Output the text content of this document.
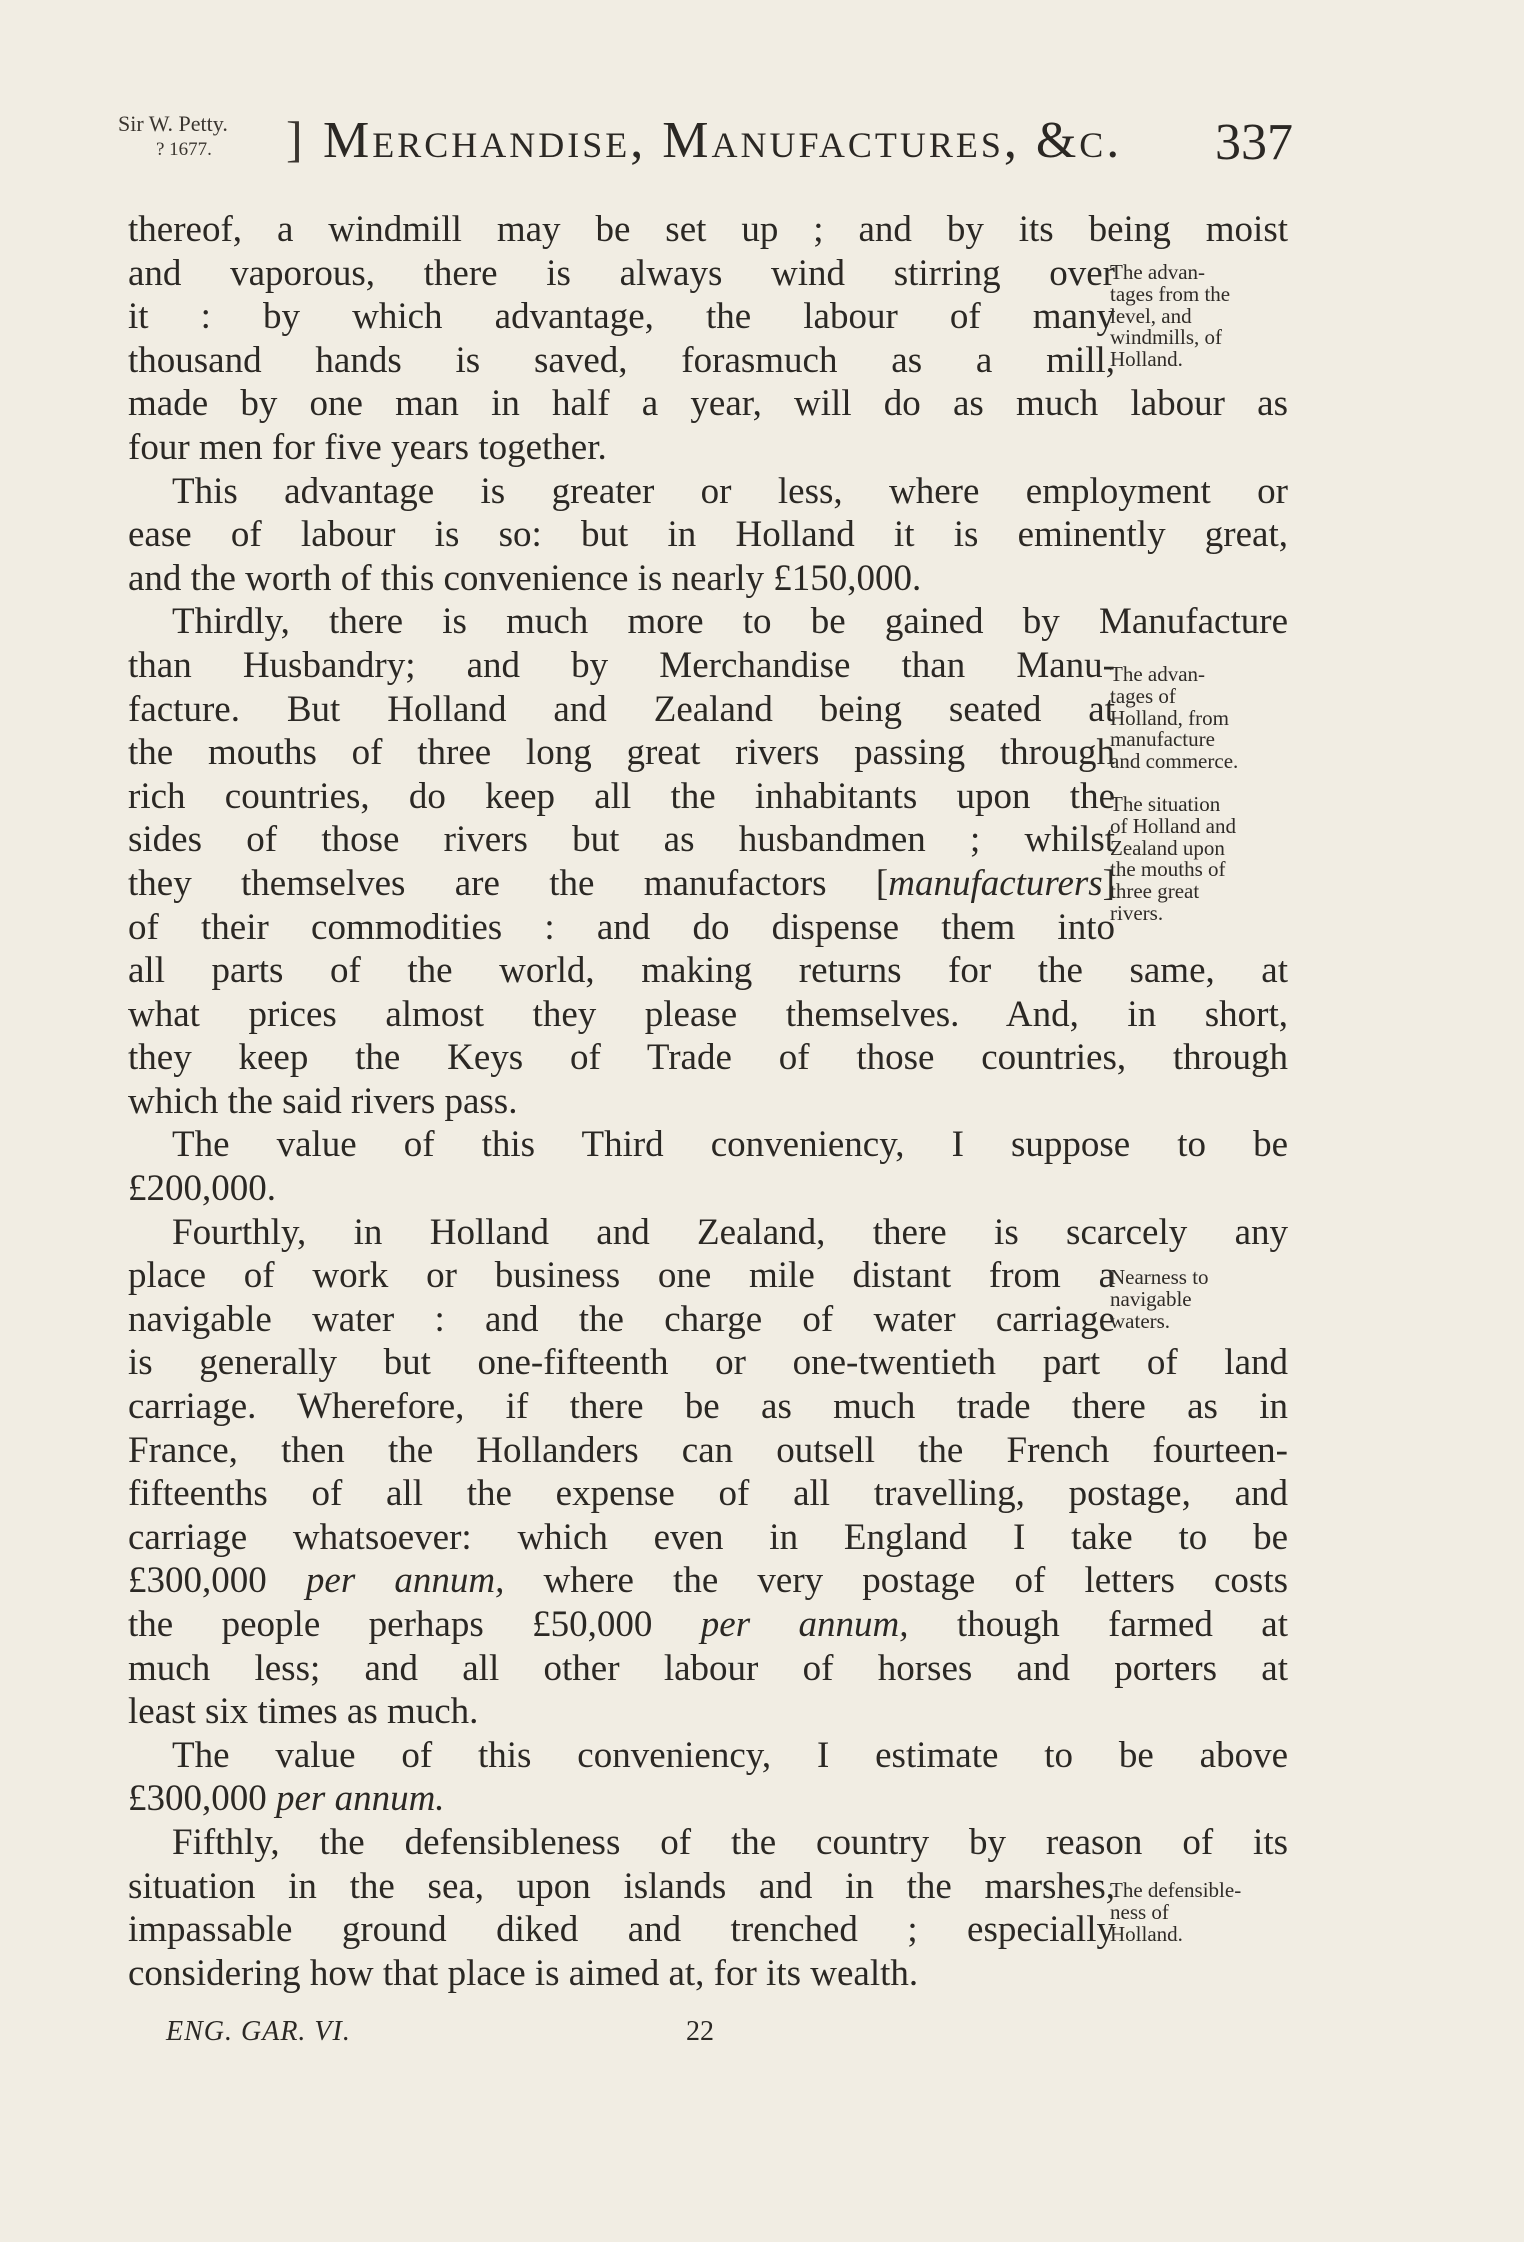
Sir W. Petty.
? 1677. ] Merchandise, Manufactures, &c. 337
thereof, a windmill may be set up ; and by its being moist
and vaporous, there is always wind stirring over
it : by which advantage, the labour of many
thousand hands is saved, forasmuch as a mill,
made by one man in half a year, will do as much labour as
four men for five years together.
This advantage is greater or less, where employment or
ease of labour is so: but in Holland it is eminently great,
and the worth of this convenience is nearly £150,000.
Thirdly, there is much more to be gained by Manufacture
than Husbandry; and by Merchandise than Manu-
facture. But Holland and Zealand being seated at
the mouths of three long great rivers passing through
rich countries, do keep all the inhabitants upon the
sides of those rivers but as husbandmen ; whilst
they themselves are the manufactors [manufacturers]
of their commodities : and do dispense them into
all parts of the world, making returns for the same, at
what prices almost they please themselves. And, in short,
they keep the Keys of Trade of those countries, through
which the said rivers pass.
The value of this Third conveniency, I suppose to be
£200,000.
Fourthly, in Holland and Zealand, there is scarcely any
place of work or business one mile distant from a
navigable water : and the charge of water carriage
is generally but one-fifteenth or one-twentieth part of land
carriage. Wherefore, if there be as much trade there as in
France, then the Hollanders can outsell the French fourteen-
fifteenths of all the expense of all travelling, postage, and
carriage whatsoever: which even in England I take to be
£300,000 per annum, where the very postage of letters costs
the people perhaps £50,000 per annum, though farmed at
much less; and all other labour of horses and porters at
least six times as much.
The value of this conveniency, I estimate to be above
£300,000 per annum.
Fifthly, the defensibleness of the country by reason of its
situation in the sea, upon islands and in the marshes,
impassable ground diked and trenched ; especially
considering how that place is aimed at, for its wealth.
The advan-
tages from the
level, and
windmills, of
Holland.
The advan-
tages of
Holland, from
manufacture
and commerce.
The situation
of Holland and
Zealand upon
the mouths of
three great
rivers.
Nearness to
navigable
waters.
The defensible-
ness of
Holland.
ENG. GAR. VI.	22
